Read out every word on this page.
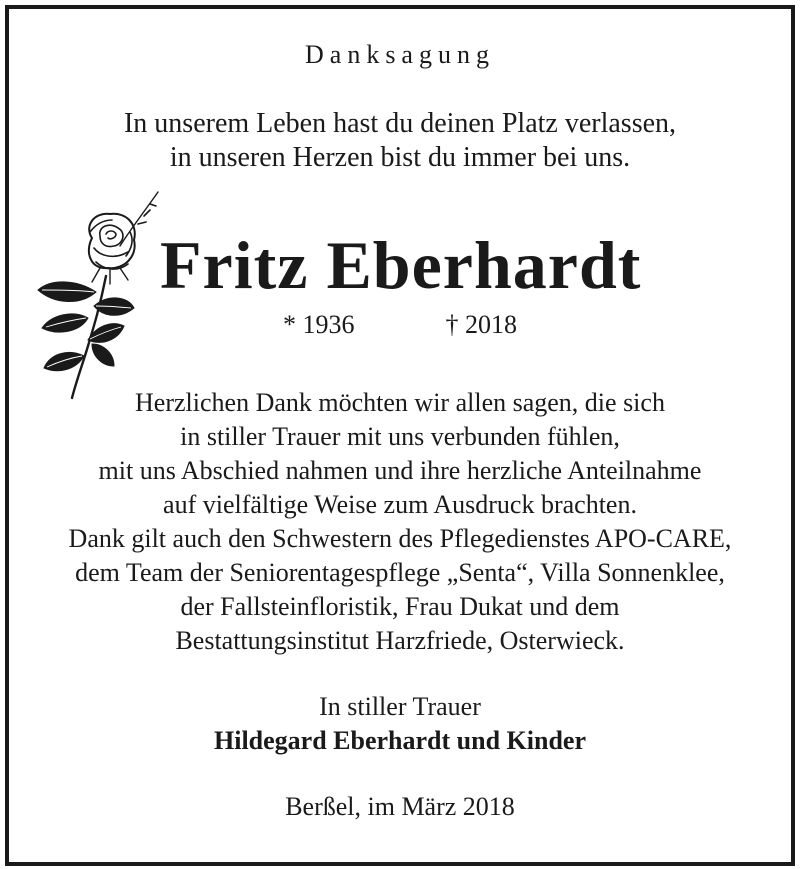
Danksagung
In unserem Leben hast du deinen Platz verlassen,
in unseren Herzen bist du immer bei uns.
Fritz Eberhardt
* 1936	† 2018
Herzlichen Dank möchten wir allen sagen, die sich
in stiller Trauer mit uns verbunden fühlen,
mit uns Abschied nahmen und ihre herzliche Anteilnahme
auf vielfältige Weise zum Ausdruck brachten.
Dank gilt auch den Schwestern des Pflegedienstes APO-CARE,
dem Team der Seniorentagespflege „Senta“, Villa Sonnenklee,
der Fallsteinfloristik, Frau Dukat und dem
Bestattungsinstitut Harzfriede, Osterwieck.
In stiller Trauer
Hildegard Eberhardt und Kinder
Berßel, im März 2018
